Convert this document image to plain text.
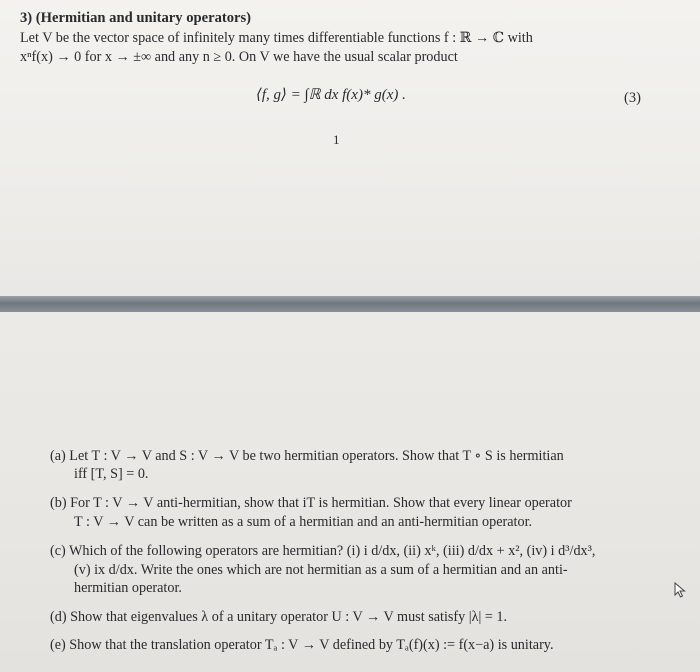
3) (Hermitian and unitary operators)
Let V be the vector space of infinitely many times differentiable functions f : ℝ → ℂ with
xⁿf(x) → 0 for x → ±∞ and any n ≥ 0. On V we have the usual scalar product
⟨f, g⟩ = ∫ℝ dx f(x)* g(x) .	(3)
1
(a) Let T : V → V and S : V → V be two hermitian operators. Show that T ∘ S is hermitian
iff [T, S] = 0.
(b) For T : V → V anti-hermitian, show that iT is hermitian. Show that every linear operator
T : V → V can be written as a sum of a hermitian and an anti-hermitian operator.
(c) Which of the following operators are hermitian? (i) i d/dx, (ii) xᵏ, (iii) d/dx + x², (iv) i d³/dx³,
(v) ix d/dx. Write the ones which are not hermitian as a sum of a hermitian and an anti-
hermitian operator.
(d) Show that eigenvalues λ of a unitary operator U : V → V must satisfy |λ| = 1.
(e) Show that the translation operator Tₐ : V → V defined by Tₐ(f)(x) := f(x−a) is unitary.
